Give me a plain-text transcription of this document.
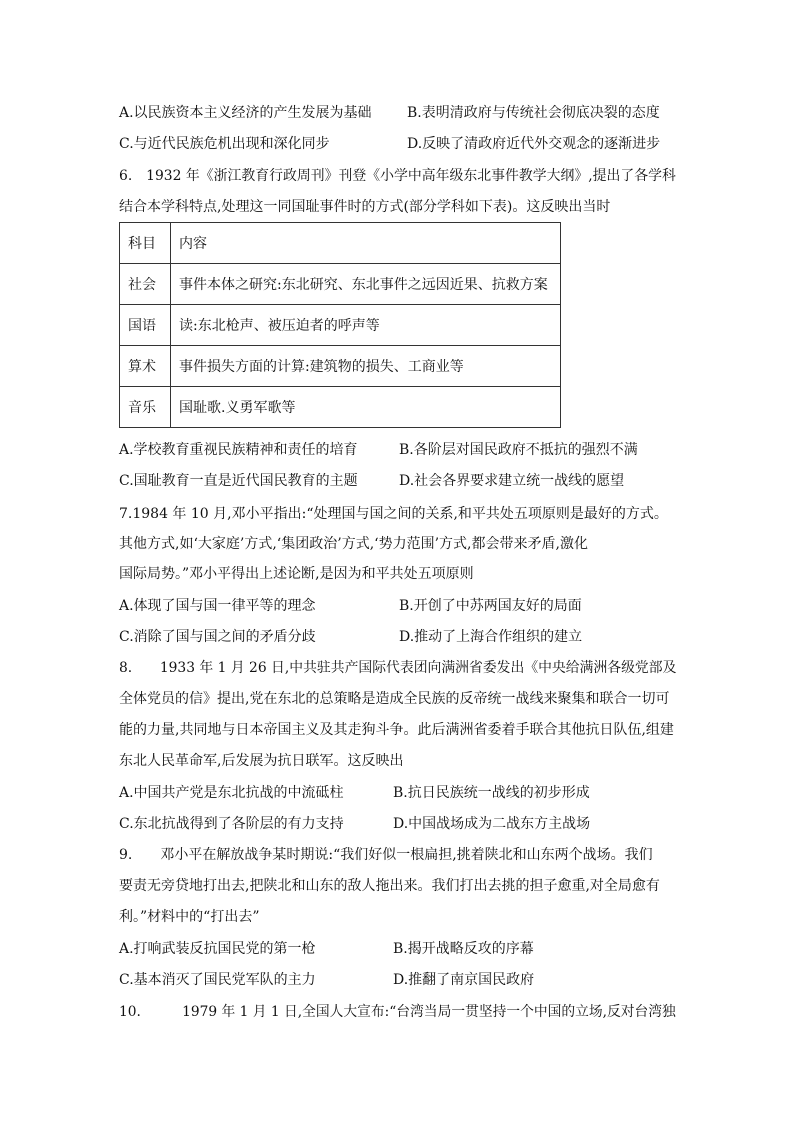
A.以民族资本主义经济的产生发展为基础	B.表明清政府与传统社会彻底决裂的态度
C.与近代民族危机出现和深化同步	D.反映了清政府近代外交观念的逐渐进步
6.　1932 年《浙江教育行政周刊》刊登《小学中高年级东北事件教学大纲》,提出了各学科
结合本学科特点,处理这一同国耻事件时的方式(部分学科如下表)。这反映出当时
科目	内容
社会	事件本体之研究:东北研究、东北事件之远因近果、抗救方案
国语	读:东北枪声、被压迫者的呼声等
算术	事件损失方面的计算:建筑物的损失、工商业等
音乐	国耻歌.义勇军歌等
A.学校教育重视民族精神和责任的培育	B.各阶层对国民政府不抵抗的强烈不满
C.国耻教育一直是近代国民教育的主题	D.社会各界要求建立统一战线的愿望
7.1984 年 10 月,邓小平指出:“处理国与国之间的关系,和平共处五项原则是最好的方式。
其他方式,如‘大家庭’方式,‘集团政治’方式,‘势力范围’方式,都会带来矛盾,激化
国际局势。”邓小平得出上述论断,是因为和平共处五项原则
A.体现了国与国一律平等的理念	B.开创了中苏两国友好的局面
C.消除了国与国之间的矛盾分歧	D.推动了上海合作组织的建立
8.　　1933 年 1 月 26 日,中共驻共产国际代表团向满洲省委发出《中央给满洲各级党部及
全体党员的信》提出,党在东北的总策略是造成全民族的反帝统一战线来聚集和联合一切可
能的力量,共同地与日本帝国主义及其走狗斗争。此后满洲省委着手联合其他抗日队伍,组建
东北人民革命军,后发展为抗日联军。这反映出
A.中国共产党是东北抗战的中流砥柱	B.抗日民族统一战线的初步形成
C.东北抗战得到了各阶层的有力支持	D.中国战场成为二战东方主战场
9.　　邓小平在解放战争某时期说:“我们好似一根扁担,挑着陕北和山东两个战场。我们
要责无旁贷地打出去,把陕北和山东的敌人拖出来。我们打出去挑的担子愈重,对全局愈有
利。”材料中的“打出去”
A.打响武装反抗国民党的第一枪	B.揭开战略反攻的序幕
C.基本消灭了国民党军队的主力	D.推翻了南京国民政府
10.　　　1979 年 1 月 1 日,全国人大宣布:“台湾当局一贯坚持一个中国的立场,反对台湾独
